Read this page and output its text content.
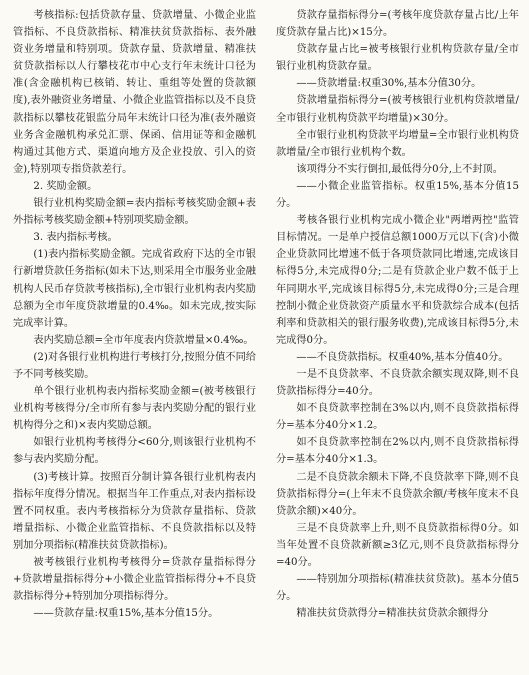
考核指标:包括贷款存量、贷款增量、小微企业监管指标、不良贷款指标、精准扶贫贷款指标、表外融资业务增量和特别项。贷款存量、贷款增量、精准扶贫贷款指标以人行攀枝花市中心支行年末统计口径为准(含金融机构已核销、转让、重组等处置的贷款额度),表外融资业务增量、小微企业监管指标以及不良贷款指标以攀枝花银监分局年末统计口径为准(表外融资业务含金融机构承兑汇票、保函、信用证等和金融机构通过其他方式、渠道向地方及企业投放、引入的资金),特别项专指贷款差行。

2. 奖励金额。

银行业机构奖励金额=表内指标考核奖励金额+表外指标考核奖励金额+特别项奖励金额。

3. 表内指标考核。

(1)表内指标奖励金额。完成省政府下达的全市银行新增贷款任务指标(如未下达,则采用全市服务业金融机构人民币存贷款考核指标),全市银行业机构表内奖励总额为全市年度贷款增量的0.4‰。如未完成,按实际完成率计算。

表内奖励总额=全市年度表内贷款增量×0.4‰。

(2)对各银行业机构进行考核打分,按照分值不同给予不同考核奖励。

单个银行业机构表内指标奖励金额=(被考核银行业机构考核得分/全市所有参与表内奖励分配的银行业机构得分之和)×表内奖励总额。

如银行业机构考核得分<60分,则该银行业机构不参与表内奖励分配。

(3)考核计算。按照百分制计算各银行业机构表内指标年度得分情况。根据当年工作重点,对表内指标设置不同权重。表内考核指标分为贷款存量指标、贷款增量指标、小微企业监管指标、不良贷款指标以及特别加分项指标(精准扶贫贷款指标)。

被考核银行业机构考核得分=贷款存量指标得分+贷款增量指标得分+小微企业监管指标得分+不良贷款指标得分+特别加分项指标得分。

——贷款存量:权重15%,基本分值15分。

贷款存量指标得分=(考核年度贷款存量占比/上年度贷款存量占比)×15分。

贷款存量占比=被考核银行业机构贷款存量/全市银行业机构贷款存量。

——贷款增量:权重30%,基本分值30分。

贷款增量指标得分=(被考核银行业机构贷款增量/全市银行业机构贷款平均增量)×30分。

全市银行业机构贷款平均增量=全市银行业机构贷款增量/全市银行业机构个数。

该项得分不实行倒扣,最低得分0分,上不封顶。

——小微企业监管指标。权重15%,基本分值15分。

考核各银行业机构完成小微企业"两增两控"监管目标情况。一是单户授信总额1000万元以下(含)小微企业贷款同比增速不低于各项贷款同比增速,完成该目标得5分,未完成得0分;二是有贷款企业户数不低于上年同期水平,完成该目标得5分,未完成得0分;三是合理控制小微企业贷款资产质量水平和贷款综合成本(包括利率和贷款相关的银行服务收费),完成该目标得5分,未完成得0分。

——不良贷款指标。权重40%,基本分值40分。

一是不良贷款率、不良贷款余额实现双降,则不良贷款指标得分=40分。

如不良贷款率控制在3%以内,则不良贷款指标得分=基本分40分×1.2。

如不良贷款率控制在2%以内,则不良贷款指标得分=基本分40分×1.3。

二是不良贷款余额未下降,不良贷款率下降,则不良贷款指标得分=(上年末不良贷款余额/考核年度末不良贷款余额)×40分。

三是不良贷款率上升,则不良贷款指标得0分。如当年处置不良贷款新额≥3亿元,则不良贷款指标得分=40分。

——特别加分项指标(精准扶贫贷款)。基本分值5分。

精准扶贫贷款得分=精准扶贫贷款余额得分
